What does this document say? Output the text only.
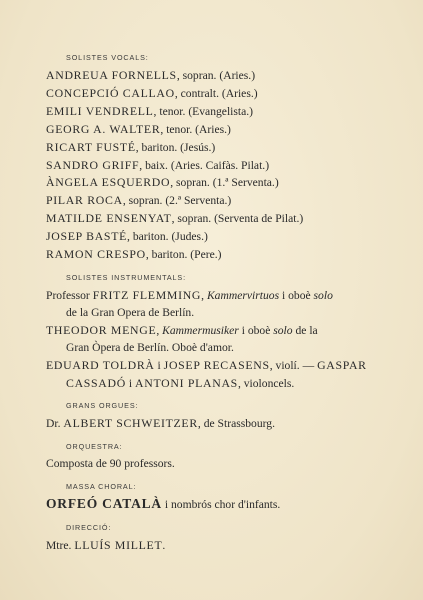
SOLISTES VOCALS:
ANDREUA FORNELLS, sopran. (Aries.)
CONCEPCIÓ CALLAO, contralt. (Aries.)
EMILI VENDRELL, tenor. (Evangelista.)
GEORG A. WALTER, tenor. (Aries.)
RICART FUSTÉ, bariton. (Jesús.)
SANDRO GRIFF, baix. (Aries. Caifàs. Pilat.)
ÀNGELA ESQUERDO, sopran. (1.ª Serventa.)
PILAR ROCA, sopran. (2.ª Serventa.)
MATILDE ENSENYAT, sopran. (Serventa de Pilat.)
JOSEP BASTÉ, bariton. (Judes.)
RAMON CRESPO, bariton. (Pere.)
SOLISTES INSTRUMENTALS:
Professor FRITZ FLEMMING, Kammervirtuos i oboè solo
de la Gran Opera de Berlín.
THEODOR MENGE, Kammermusiker i oboè solo de la
Gran Òpera de Berlín. Oboè d'amor.
EDUARD TOLDRÀ i JOSEP RECASENS, violí. — GASPAR
CASSADÓ i ANTONI PLANAS, violoncels.
GRANS ORGUES:
Dr. ALBERT SCHWEITZER, de Strassbourg.
ORQUESTRA:
Composta de 90 professors.
MASSA CHORAL:
ORFEÓ CATALÀ i nombrós chor d'infants.
DIRECCIÓ:
Mtre. LLUÍS MILLET.
